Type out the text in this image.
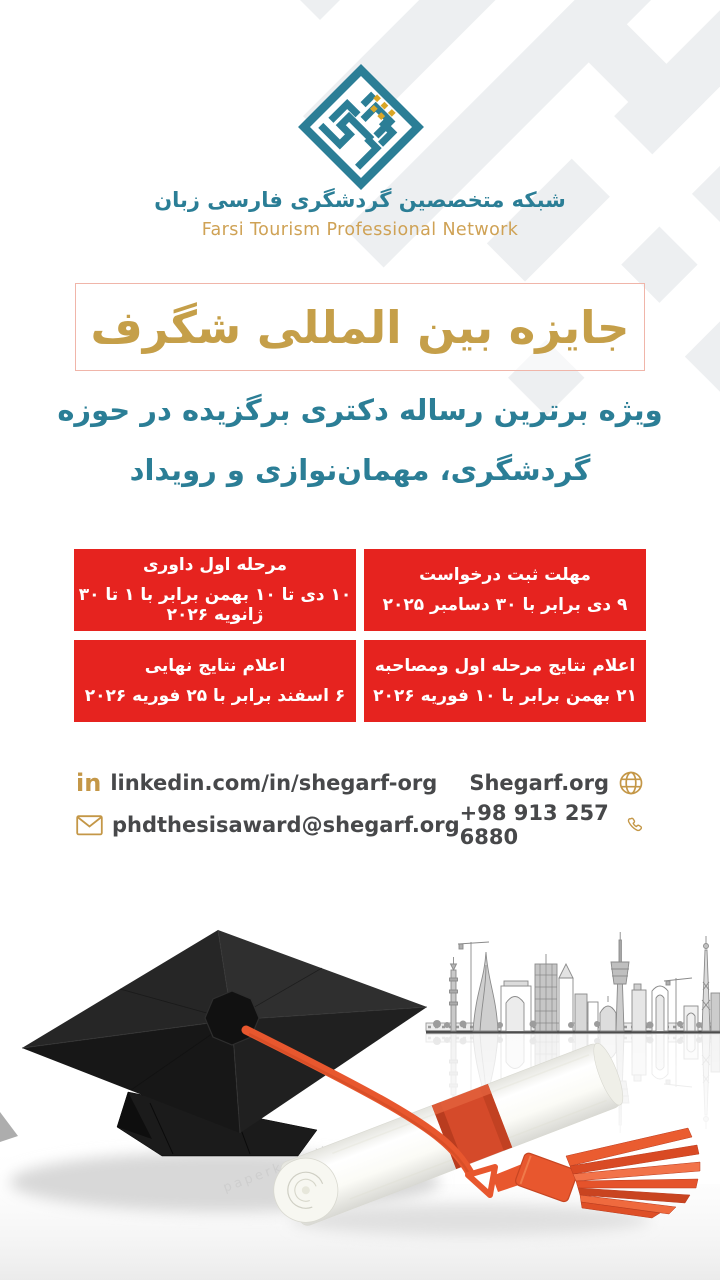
شبکه متخصصین گردشگری فارسی زبان
Farsi Tourism Professional Network
جایزه بین المللی شگرف
ویژه برترین رساله دکتری برگزیده در حوزه
گردشگری، مهمان‌نوازی و رویداد
مهلت ثبت درخواست
۹ دی برابر با ۳۰ دسامبر ۲۰۲۵
مرحله اول داوری
۱۰ دی تا ۱۰ بهمن برابر با ۱ تا ۳۰ ژانویه ۲۰۲۶
اعلام نتایج مرحله اول ومصاحبه
۲۱ بهمن برابر با ۱۰ فوریه ۲۰۲۶
اعلام نتایج نهایی
۶ اسفند برابر با ۲۵ فوریه ۲۰۲۶
in linkedin.com/in/shegarf-org Shegarf.org
phdthesisaward@shegarf.org +98 913 257 6880
